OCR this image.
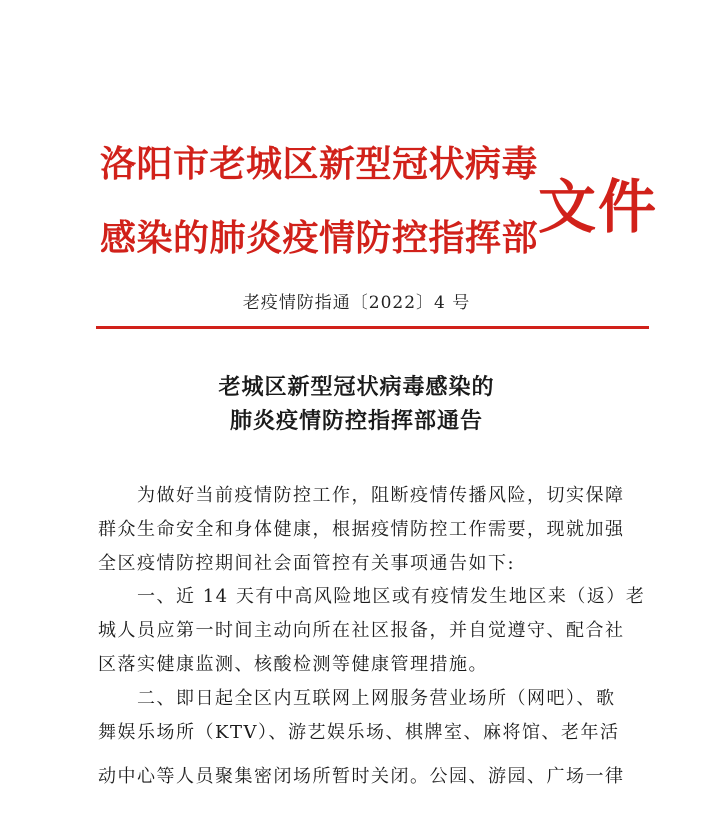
洛阳市老城区新型冠状病毒
感染的肺炎疫情防控指挥部 文件
老疫情防指通〔2022〕4 号
老城区新型冠状病毒感染的
肺炎疫情防控指挥部通告
　　为做好当前疫情防控工作，阻断疫情传播风险，切实保障
群众生命安全和身体健康，根据疫情防控工作需要，现就加强
全区疫情防控期间社会面管控有关事项通告如下:
　　一、近 14 天有中高风险地区或有疫情发生地区来（返）老
城人员应第一时间主动向所在社区报备，并自觉遵守、配合社
区落实健康监测、核酸检测等健康管理措施。
　　二、即日起全区内互联网上网服务营业场所（网吧）、歌
舞娱乐场所（KTV）、游艺娱乐场、棋牌室、麻将馆、老年活
动中心等人员聚集密闭场所暂时关闭。公园、游园、广场一律
